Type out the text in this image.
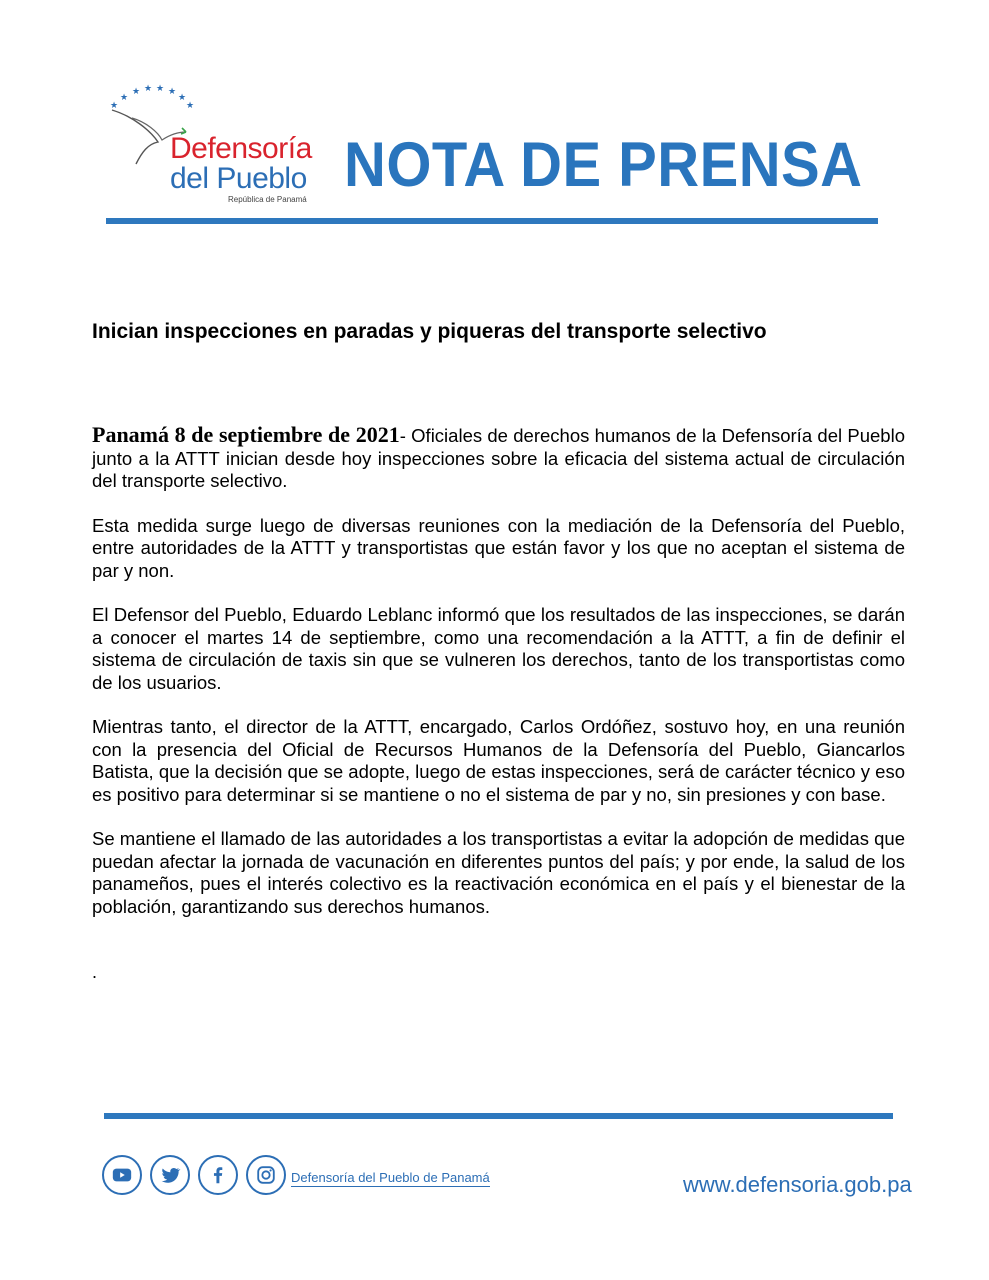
★
★
★ ★ ★ ★
★
★
Defensoría
del Pueblo
República de Panamá NOTA DE PRENSA
Inician inspecciones en paradas y piqueras del transporte selectivo

Panamá 8 de septiembre de 2021- Oficiales de derechos humanos de la Defensoría del Pueblo junto a la ATTT inician desde hoy inspecciones sobre la eficacia del sistema actual de circulación del transporte selectivo.

Esta medida surge luego de diversas reuniones con la mediación de la Defensoría del Pueblo, entre autoridades de la ATTT y transportistas que están favor y los que no aceptan el sistema de par y non.

El Defensor del Pueblo, Eduardo Leblanc informó que los resultados de las inspecciones, se darán a conocer el martes 14 de septiembre, como una recomendación a la ATTT, a fin de definir el sistema de circulación de taxis sin que se vulneren los derechos, tanto de los transportistas como de los usuarios.

Mientras tanto, el director de la ATTT, encargado, Carlos Ordóñez, sostuvo hoy, en una reunión con la presencia del Oficial de Recursos Humanos de la Defensoría del Pueblo, Giancarlos Batista, que la decisión que se adopte, luego de estas inspecciones, será de carácter técnico y eso es positivo para determinar si se mantiene o no el sistema de par y no, sin presiones y con base.

Se mantiene el llamado de las autoridades a los transportistas a evitar la adopción de medidas que puedan afectar la jornada de vacunación en diferentes puntos del país; y por ende, la salud de los panameños, pues el interés colectivo es la reactivación económica en el país y el bienestar de la población, garantizando sus derechos humanos.

.
Defensoría del Pueblo de Panamá	www.defensoria.gob.pa
